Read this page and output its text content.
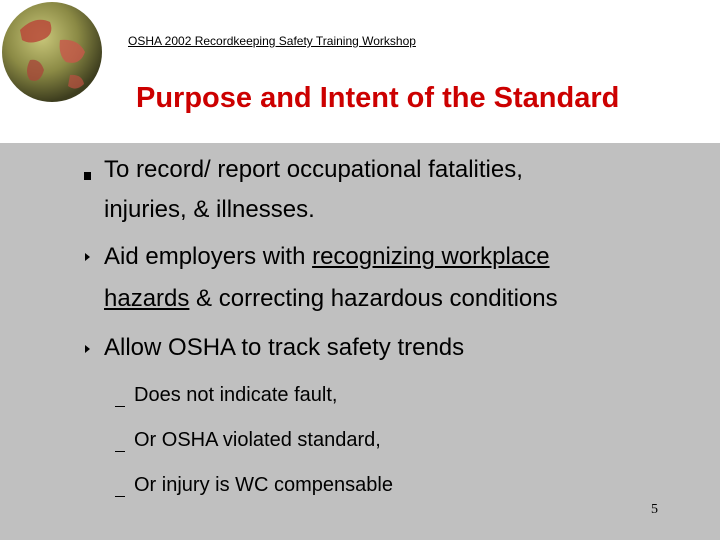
OSHA 2002 Recordkeeping Safety Training Workshop
Purpose and Intent of the Standard
To record/ report occupational fatalities,
injuries, & illnesses.
Aid employers with recognizing workplace
hazards & correcting hazardous conditions
Allow OSHA to track safety trends
Does not indicate fault,
Or OSHA violated standard,
Or injury is WC compensable
5
